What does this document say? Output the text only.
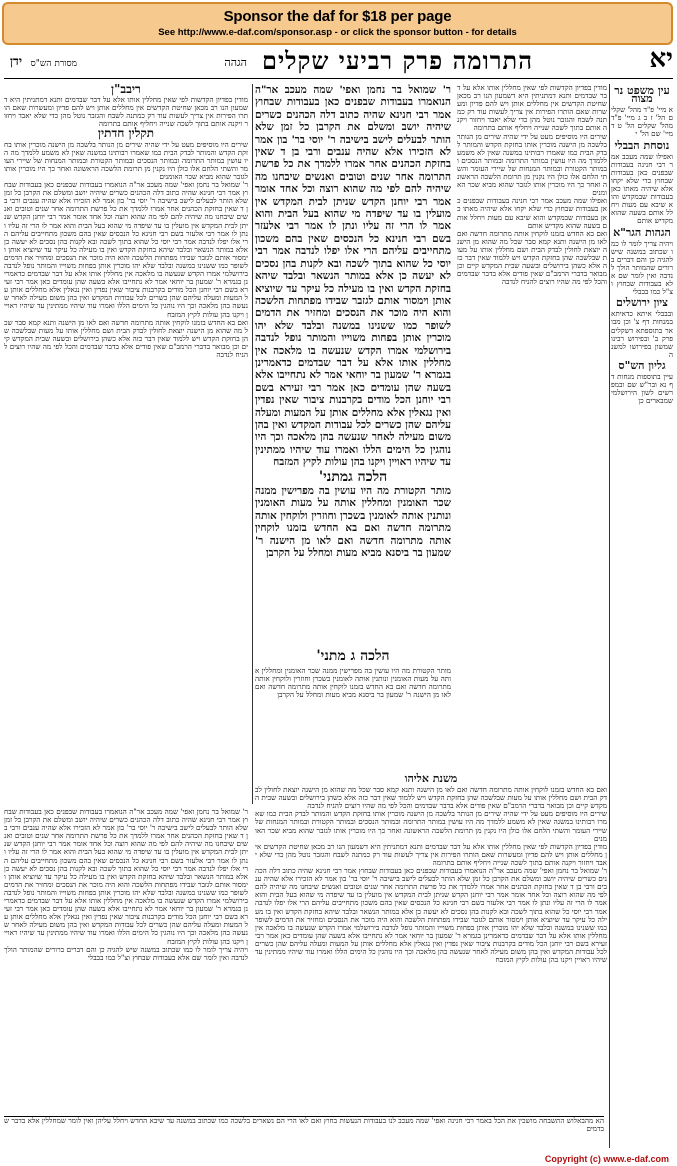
Sponsor the daf for $18 per page
See http://www.e-daf.com/sponsor.asp - or click the sponsor button - for details
יא
התרומה פרק רביעי שקלים
הגהה
מסורת הש"ס
ידן
עין משפט נר מצוה
א מיי' פ"ד מהל' שקלים הל' ז ב ג מיי' פ"ד מהל' שקלים הל' ט ד מיי' שם הל' י
נוסחת הבבלי
ואפילו שמה מעכב אמר רבי חנינה בעבודות שבפנים כאן בעבודות שבחוץ כדי שלא יקחו אלא שיהיה מאתו כאן בעבודות שבמקדש והוא שיבא עם מעות ויחלל אותם בשעה שהוא מקדיש אותם
הגהות הגר"א
ויהיה צריך לומר לו כמו שכתוב במשנה שיש להגיה כן והם דברים ברורים שהמותר הולך לנדבה ואין לומר שם אלא בעבודות שבחוץ וצ"ל כמו בבבלי
ציון ירושלים
ובבבלי איתא כדאיתא במנחות דף צ' וכן מבואר בתוספתא דשקלים פרק ב' ובפירוש רבינו שמשון בפירושו למשנה
גליון הש"ס
עיין בתוספות מנחות דף נא ובר"ש שם ובמפרשים לשון הירושלמי שמבארים כן
מודין בפדיון הקדשות לפי שאין מחללין אותו אלא על דבר שבדמים ותנא דמתניתין היא דשמעון הנו רב מכאן שחיטת הקדשים אין מחללים אותן ויש להם פדיון ומעשרות שאם הותרו הפירות אין צריך לעשות עוד רק כמתנה לשבח והגזבר נוטל מהן כדי שלא יאבד ויחזור ויקנה אותם בתוך לשכה שנייה ויחליף אותם בתרומה
שירים היו מוסיפים מעט על ידי שהיה שירים מן הנותר בלשכה מן הישנה מוכרין אותו בחזקת הקדש והמותר לבדק הבית כמו שאמרו רבותינו במשנה שאין לא משמע ללמדך מה היו עושין במותר התרומה ובמותר הנסכים ובמותר הקטורת ובמותר המנחות של שיירי העומר והשתי הלחם אלו כולן היו נקנין מן תרומת הלשכה הראשונה ואחר כך היו מוכרין אותו לגזבר שהוא מביא שכר האומנים
ואפילו שמה מעכב אמר רבי חנינה בעבודות שבפנים כאן בעבודות שבחוץ כדי שלא יקחו אלא שיהיה מאתו כאן בעבודות שבמקדש והוא שיבא עם מעות ויחלל אותם בשעה שהוא מקדיש אותם
ואם בא החדש בזמנו לוקחין אותה מתרומה חדשה ואם לאו מן הישנה ותנא קמא סבר שכל מה שהוא מן הישנה יוצאת לחולין לבדק הבית ושם מחללין אותו על מעות שבלשכה שהן בחזקת הקדש ויש ללמוד שאין דבר כזה אלא כשהן בירושלים ובשעה שבית המקדש קיים וכן מבואר בדברי הרמב"ם שאין פודים אלא בדבר שבדמים והכל לפי מה שהיו רוצים להניח לנדבה
ר' שמואל בר נחמן ואפי' שמה מעכב אר"ה הנואמרו בעבודות שבפנים כאן בעבודות שבחוץ אמר רבי חנינא שהיה כתוב דלה הכהנים כשרים שיהיה יושב ומשלם את הקרבן כל זמן שלא הותר לבעלים לישב בישיבה ר' יוסי בר' בון אמר לא הזכירו אלא שהיה ענבים ורבי בן ד שאין בחזקת הכהנים אחר אמרו ללמדך את כל פרשת התרומה אחר שנים וטובים ואנשים שיבחנו מה שיהיה להם לפי מה שהוא רוצה וכל אחד אומר אמר רבי יוחנן הקדש שניתן לבית המקדש אין מועלין בו עד שיפדה מי שהוא בעל הבית והוא אמר לו הרי זה עליו ונתן לו אמר רבי אלעזר בשם רבי חנינא כל הנכסים שאין בהם משכון מתחייבים עליהם הרי אלו יפלו לנדבה אמר רבי יוסי כל שהוא בתוך לשכה ובא לקנות בהן נסכים לא יעשה כן אלא במותר הנשאר ובלבד שיהא בחזקת הקדש ואין בו מעילה כל עיקר עד שיוציא אותן וימסור אותם לגזבר שבידו מפתחות הלשכה והוא היה מוכר את הנסכים ומחזיר את הדמים לשופר כמו ששנינו במשנה ובלבד שלא יהו מוכרין אותן בפחות משוייו והמותר נופל לנדבה בירושלמי אמרו הקדש שנעשה בו מלאכה אין מחללין אותו אלא על דבר שבדמים כדאמרינן בגמרא ר' שמעון בר יוחאי אמר לא נתחייבו אלא בשעה שהן עומדים כאן אמר רבי זעירא בשם רבי יוחנן הכל מודים בקרבנות ציבור שאין נפדין ואין נגאלין אלא מחללים אותן על המעות ומעלה עליהם שהן כשרים לכל עבודות המקדש ואין בהן משום מעילה לאחר שנעשה בהן מלאכה וכך היו נוהגין כל הימים הללו ואמרו עוד שיהיו ממתינין עד שיהיו ראויין ויקנו בהן עולות לקיץ המזבח
הלכה גמתני'
מותר הקטורת מה היו עושין בה מפרישין ממנה שכר האומנין ומחללין אותה על מעות האומנין ונותנין אותה לאומנין בשכרן וחוזרין ולוקחין אותה מתרומה חדשה ואם בא החדש בזמנו לוקחין אותה מתרומה חדשה ואם לאו מן הישנה ר' שמעון בר ביסנא מביא מעות ומחלל על הקרבן
הלכה ג מתני'
מותר הקטורת מה היו עושין בה מפרישין ממנה שכר האומנין ומחללין אותה על מעות האומנין ונותנין אותה לאומנין בשכרן וחוזרין ולוקחין אותה מתרומה חדשה ואם בא החדש בזמנו לוקחין אותה מתרומה חדשה ואם לאו מן הישנה ר' שמעון בר ביסנא מביא מעות ומחלל על הקרבן
ריבב"ן
מודין בפדיון הקדשות לפי שאין מחללין אותו אלא על דבר שבדמים ותנא דמתניתין היא דשמעון הנו רב מכאן שחיטת הקדשים אין מחללים אותן ויש להם פדיון ומעשרות שאם הותרו הפירות אין צריך לעשות עוד רק כמתנה לשבח והגזבר נוטל מהן כדי שלא יאבד ויחזור ויקנה אותם בתוך לשכה שנייה ויחליף אותם בתרומה
תקלין חדתין
שירים היו מוסיפים מעט על ידי שהיה שירים מן הנותר בלשכה מן הישנה מוכרין אותו בחזקת הקדש והמותר לבדק הבית כמו שאמרו רבותינו במשנה שאין לא משמע ללמדך מה היו עושין במותר התרומה ובמותר הנסכים ובמותר הקטורת ובמותר המנחות של שיירי העומר והשתי הלחם אלו כולן היו נקנין מן תרומת הלשכה הראשונה ואחר כך היו מוכרין אותו לגזבר שהוא מביא שכר האומנים
ר' שמואל בר נחמן ואפי' שמה מעכב אר"ה הנואמרו בעבודות שבפנים כאן בעבודות שבחוץ אמר רבי חנינא שהיה כתוב דלה הכהנים כשרים שיהיה יושב ומשלם את הקרבן כל זמן שלא הותר לבעלים לישב בישיבה ר' יוסי בר' בון אמר לא הזכירו אלא שהיה ענבים ורבי בן ד שאין בחזקת הכהנים אחר אמרו ללמדך את כל פרשת התרומה אחר שנים וטובים ואנשים שיבחנו מה שיהיה להם לפי מה שהוא רוצה וכל אחד אומר אמר רבי יוחנן הקדש שניתן לבית המקדש אין מועלין בו עד שיפדה מי שהוא בעל הבית והוא אמר לו הרי זה עליו ונתן לו אמר רבי אלעזר בשם רבי חנינא כל הנכסים שאין בהם משכון מתחייבים עליהם הרי אלו יפלו לנדבה אמר רבי יוסי כל שהוא בתוך לשכה ובא לקנות בהן נסכים לא יעשה כן אלא במותר הנשאר ובלבד שיהא בחזקת הקדש ואין בו מעילה כל עיקר עד שיוציא אותן וימסור אותם לגזבר שבידו מפתחות הלשכה והוא היה מוכר את הנסכים ומחזיר את הדמים לשופר כמו ששנינו במשנה ובלבד שלא יהו מוכרין אותן בפחות משוייו והמותר נופל לנדבה בירושלמי אמרו הקדש שנעשה בו מלאכה אין מחללין אותו אלא על דבר שבדמים כדאמרינן בגמרא ר' שמעון בר יוחאי אמר לא נתחייבו אלא בשעה שהן עומדים כאן אמר רבי זעירא בשם רבי יוחנן הכל מודים בקרבנות ציבור שאין נפדין ואין נגאלין אלא מחללים אותן על המעות ומעלה עליהם שהן כשרים לכל עבודות המקדש ואין בהן משום מעילה לאחר שנעשה בהן מלאכה וכך היו נוהגין כל הימים הללו ואמרו עוד שיהיו ממתינין עד שיהיו ראויין ויקנו בהן עולות לקיץ המזבח
ואם בא החדש בזמנו לוקחין אותה מתרומה חדשה ואם לאו מן הישנה ותנא קמא סבר שכל מה שהוא מן הישנה יוצאת לחולין לבדק הבית ושם מחללין אותו על מעות שבלשכה שהן בחזקת הקדש ויש ללמוד שאין דבר כזה אלא כשהן בירושלים ובשעה שבית המקדש קיים וכן מבואר בדברי הרמב"ם שאין פודים אלא בדבר שבדמים והכל לפי מה שהיו רוצים להניח לנדבה
משנת אליהו
ואם בא החדש בזמנו לוקחין אותה מתרומה חדשה ואם לאו מן הישנה ותנא קמא סבר שכל מה שהוא מן הישנה יוצאת לחולין לבדק הבית ושם מחללין אותו על מעות שבלשכה שהן בחזקת הקדש ויש ללמוד שאין דבר כזה אלא כשהן בירושלים ובשעה שבית המקדש קיים וכן מבואר בדברי הרמב"ם שאין פודים אלא בדבר שבדמים והכל לפי מה שהיו רוצים להניח לנדבה
שירים היו מוסיפים מעט על ידי שהיה שירים מן הנותר בלשכה מן הישנה מוכרין אותו בחזקת הקדש והמותר לבדק הבית כמו שאמרו רבותינו במשנה שאין לא משמע ללמדך מה היו עושין במותר התרומה ובמותר הנסכים ובמותר הקטורת ובמותר המנחות של שיירי העומר והשתי הלחם אלו כולן היו נקנין מן תרומת הלשכה הראשונה ואחר כך היו מוכרין אותו לגזבר שהוא מביא שכר האומנים
מודין בפדיון הקדשות לפי שאין מחללין אותו אלא על דבר שבדמים ותנא דמתניתין היא דשמעון הנו רב מכאן שחיטת הקדשים אין מחללים אותן ויש להם פדיון ומעשרות שאם הותרו הפירות אין צריך לעשות עוד רק כמתנה לשבח והגזבר נוטל מהן כדי שלא יאבד ויחזור ויקנה אותם בתוך לשכה שנייה ויחליף אותם בתרומה
ר' שמואל בר נחמן ואפי' שמה מעכב אר"ה הנואמרו בעבודות שבפנים כאן בעבודות שבחוץ אמר רבי חנינא שהיה כתוב דלה הכהנים כשרים שיהיה יושב ומשלם את הקרבן כל זמן שלא הותר לבעלים לישב בישיבה ר' יוסי בר' בון אמר לא הזכירו אלא שהיה ענבים ורבי בן ד שאין בחזקת הכהנים אחר אמרו ללמדך את כל פרשת התרומה אחר שנים וטובים ואנשים שיבחנו מה שיהיה להם לפי מה שהוא רוצה וכל אחד אומר אמר רבי יוחנן הקדש שניתן לבית המקדש אין מועלין בו עד שיפדה מי שהוא בעל הבית והוא אמר לו הרי זה עליו ונתן לו אמר רבי אלעזר בשם רבי חנינא כל הנכסים שאין בהם משכון מתחייבים עליהם הרי אלו יפלו לנדבה אמר רבי יוסי כל שהוא בתוך לשכה ובא לקנות בהן נסכים לא יעשה כן אלא במותר הנשאר ובלבד שיהא בחזקת הקדש ואין בו מעילה כל עיקר עד שיוציא אותן וימסור אותם לגזבר שבידו מפתחות הלשכה והוא היה מוכר את הנסכים ומחזיר את הדמים לשופר כמו ששנינו במשנה ובלבד שלא יהו מוכרין אותן בפחות משוייו והמותר נופל לנדבה בירושלמי אמרו הקדש שנעשה בו מלאכה אין מחללין אותו אלא על דבר שבדמים כדאמרינן בגמרא ר' שמעון בר יוחאי אמר לא נתחייבו אלא בשעה שהן עומדים כאן אמר רבי זעירא בשם רבי יוחנן הכל מודים בקרבנות ציבור שאין נפדין ואין נגאלין אלא מחללים אותן על המעות ומעלה עליהם שהן כשרים לכל עבודות המקדש ואין בהן משום מעילה לאחר שנעשה בהן מלאכה וכך היו נוהגין כל הימים הללו ואמרו עוד שיהיו ממתינין עד שיהיו ראויין ויקנו בהן עולות לקיץ המזבח
ר' שמואל בר נחמן ואפי' שמה מעכב אר"ה הנואמרו בעבודות שבפנים כאן בעבודות שבחוץ אמר רבי חנינא שהיה כתוב דלה הכהנים כשרים שיהיה יושב ומשלם את הקרבן כל זמן שלא הותר לבעלים לישב בישיבה ר' יוסי בר' בון אמר לא הזכירו אלא שהיה ענבים ורבי בן ד שאין בחזקת הכהנים אחר אמרו ללמדך את כל פרשת התרומה אחר שנים וטובים ואנשים שיבחנו מה שיהיה להם לפי מה שהוא רוצה וכל אחד אומר אמר רבי יוחנן הקדש שניתן לבית המקדש אין מועלין בו עד שיפדה מי שהוא בעל הבית והוא אמר לו הרי זה עליו ונתן לו אמר רבי אלעזר בשם רבי חנינא כל הנכסים שאין בהם משכון מתחייבים עליהם הרי אלו יפלו לנדבה אמר רבי יוסי כל שהוא בתוך לשכה ובא לקנות בהן נסכים לא יעשה כן אלא במותר הנשאר ובלבד שיהא בחזקת הקדש ואין בו מעילה כל עיקר עד שיוציא אותן וימסור אותם לגזבר שבידו מפתחות הלשכה והוא היה מוכר את הנסכים ומחזיר את הדמים לשופר כמו ששנינו במשנה ובלבד שלא יהו מוכרין אותן בפחות משוייו והמותר נופל לנדבה בירושלמי אמרו הקדש שנעשה בו מלאכה אין מחללין אותו אלא על דבר שבדמים כדאמרינן בגמרא ר' שמעון בר יוחאי אמר לא נתחייבו אלא בשעה שהן עומדים כאן אמר רבי זעירא בשם רבי יוחנן הכל מודים בקרבנות ציבור שאין נפדין ואין נגאלין אלא מחללים אותן על המעות ומעלה עליהם שהן כשרים לכל עבודות המקדש ואין בהן משום מעילה לאחר שנעשה בהן מלאכה וכך היו נוהגין כל הימים הללו ואמרו עוד שיהיו ממתינין עד שיהיו ראויין ויקנו בהן עולות לקיץ המזבח
ויהיה צריך לומר לו כמו שכתוב במשנה שיש להגיה כן והם דברים ברורים שהמותר הולך לנדבה ואין לומר שם אלא בעבודות שבחוץ וצ"ל כמו בבבלי
הא מהבאלוש התשבחה מושכין את הכל באמר רבי חנינה ואפי' שמה מעכב לנו בעבודות הנעשות בחוץ ואם לאו הרי הם נשארים בלשכה כמו שכתוב במשנה עד שיבא החדש ויחלל עליהן ואין לומר שמחללין אלא בדבר שבדמים
Copyright (c) www.e-daf.com
